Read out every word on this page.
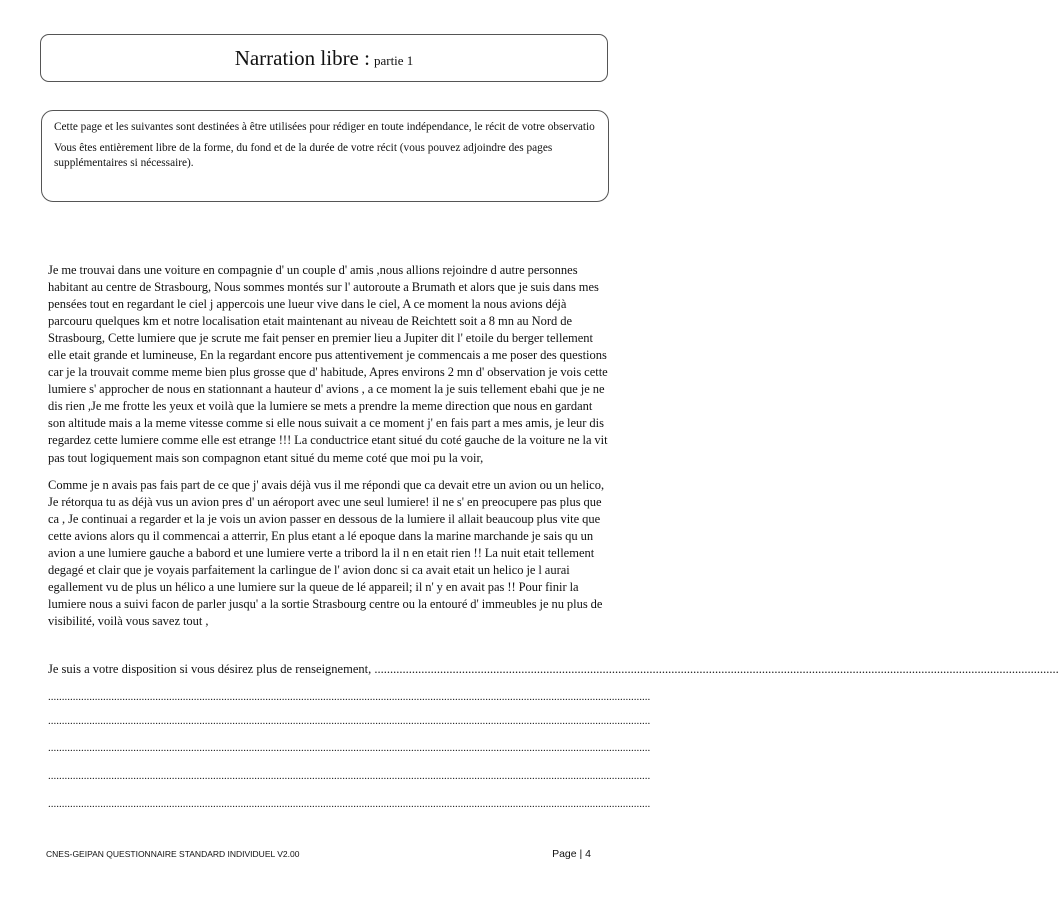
Narration libre : partie 1

Cette page et les suivantes sont destinées à être utilisées pour rédiger en toute indépendance, le récit de votre observatio

Vous êtes entièrement libre de la forme, du fond et de la durée de votre récit (vous pouvez adjoindre des pages supplémentaires si nécessaire).

Je me trouvai dans une voiture en compagnie d' un couple d' amis ,nous allions rejoindre d autre personnes habitant au centre de Strasbourg, Nous sommes montés sur l' autoroute a Brumath et alors que je suis dans mes pensées tout en regardant le ciel j appercois une lueur vive dans le ciel, A ce moment la nous avions déjà parcouru quelques km et notre localisation etait maintenant au niveau de Reichtett soit a 8 mn au Nord de Strasbourg, Cette lumiere que je scrute me fait penser en premier lieu a Jupiter dit l' etoile du berger tellement elle etait grande et lumineuse, En la regardant encore pus attentivement je commencais a me poser des questions car je la trouvait comme meme bien plus grosse que d' habitude, Apres environs 2 mn d' observation je vois cette lumiere s' approcher de nous en stationnant a hauteur d' avions , a ce moment la je suis tellement ebahi que je ne dis rien ,Je me frotte les yeux et voilà que la lumiere se mets a prendre la meme direction que nous en gardant son altitude mais a la meme vitesse comme si elle nous suivait a ce moment j' en fais part a mes amis, je leur dis regardez cette lumiere comme elle est etrange !!! La conductrice etant situé du coté gauche de la voiture ne la vit pas tout logiquement mais son compagnon etant situé du meme coté que moi pu la voir,

Comme je n avais pas fais part de ce que j' avais déjà vus il me répondi que ca devait etre un avion ou un helico, Je rétorqua tu as déjà vus un avion pres d' un aéroport avec une seul lumiere! il ne s' en preocupere pas plus que ca , Je continuai a regarder et la je vois un avion passer en dessous de la lumiere il allait beaucoup plus vite que cette avions alors qu il commencai a atterrir, En plus etant a lé epoque dans la marine marchande je sais qu un avion a une lumiere gauche a babord et une lumiere verte a tribord la il n en etait rien !! La nuit etait tellement degagé et clair que je voyais parfaitement la carlingue de l' avion donc si ca avait etait un helico je l aurai egallement vu de plus un hélico a une lumiere sur la queue de lé appareil; il n' y en avait pas !! Pour finir la lumiere nous a suivi facon de parler jusqu' a la sortie Strasbourg centre ou la entouré d' immeubles je nu plus de visibilité, voilà vous savez tout ,

Je suis a votre disposition si vous désirez plus de renseignement, ...........................................................................................................................................................................................................................
...........................................................................................................................................................................................................................
...........................................................................................................................................................................................................................
...........................................................................................................................................................................................................................
...........................................................................................................................................................................................................................
...........................................................................................................................................................................................................................
CNES-GEIPAN QUESTIONNAIRE STANDARD INDIVIDUEL V2.00	Page | 4
